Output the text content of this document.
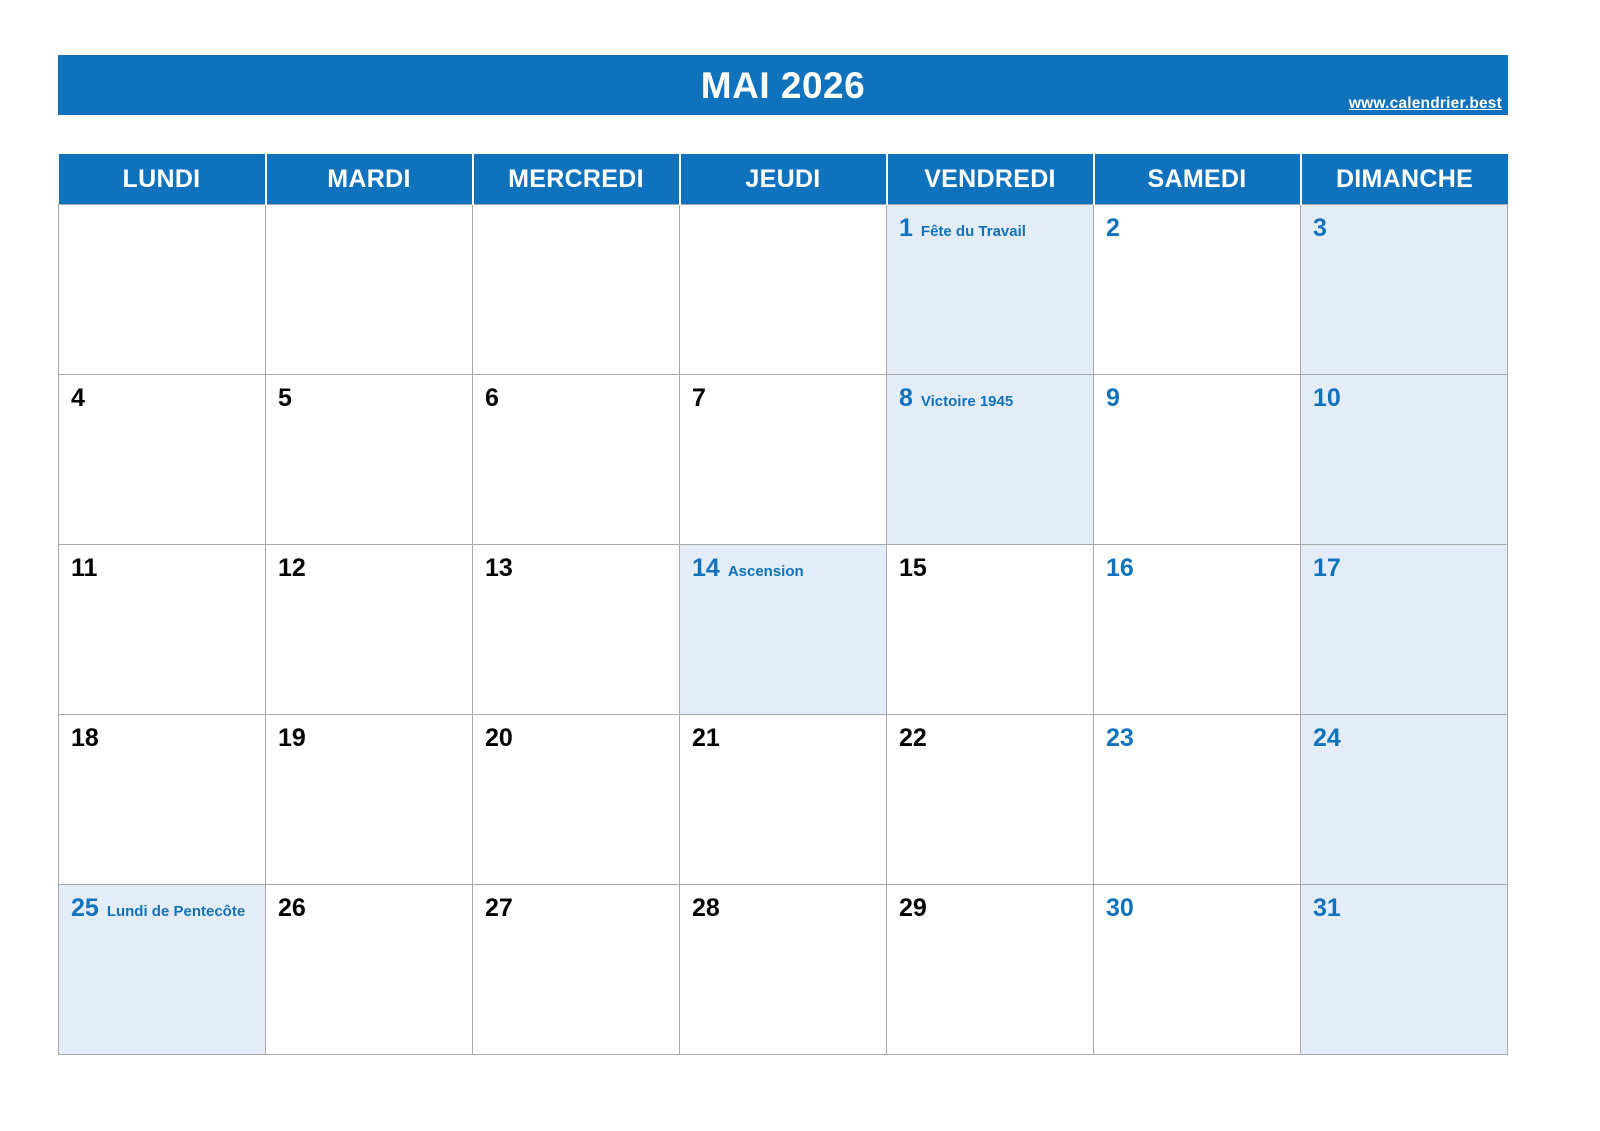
MAI 2026	www.calendrier.best
LUNDI	MARDI	MERCREDI	JEUDI	VENDREDI	SAMEDI	DIMANCHE

				1 Fête du Travail	2	3

4	5	6	7	8 Victoire 1945	9	10

11	12	13	14 Ascension	15	16	17

18	19	20	21	22	23	24

25 Lundi de Pentecôte	26	27	28	29	30	31
